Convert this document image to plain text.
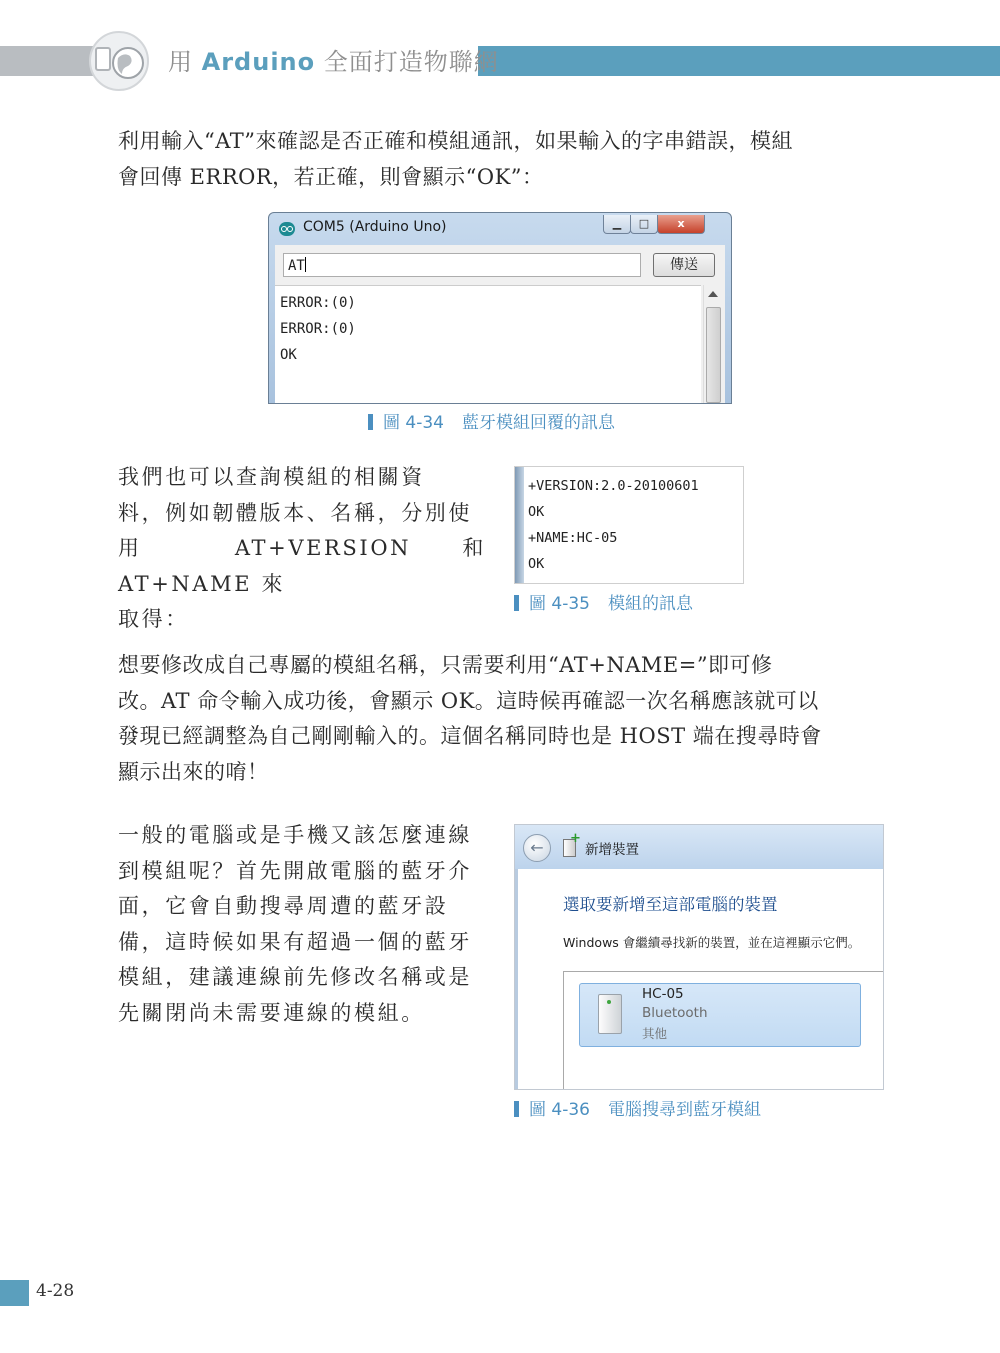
用 Arduino 全面打造物聯網

利用輸入“AT”來確認是否正確和模組通訊，如果輸入的字串錯誤，模組
會回傳 ERROR，若正確，則會顯示“OK”：

COM5 (Arduino Uno)	▁	□	x
AT	傳送
ERROR:(0)
ERROR:(0)
OK
圖 4-34 藍牙模組回覆的訊息

我們也可以查詢模組的相關資
料，例如韌體版本、名稱，分別使
用 AT+VERSION 和 AT+NAME 來
取得：

+VERSION:2.0-20100601
OK
+NAME:HC-05
OK
圖 4-35 模組的訊息

想要修改成自己專屬的模組名稱，只需要利用“AT+NAME=”即可修
改。AT 命令輸入成功後，會顯示 OK。這時候再確認一次名稱應該就可以
發現已經調整為自己剛剛輸入的。這個名稱同時也是 HOST 端在搜尋時會
顯示出來的唷！

一般的電腦或是手機又該怎麼連線
到模組呢？首先開啟電腦的藍牙介
面，它會自動搜尋周遭的藍牙設
備，這時候如果有超過一個的藍牙
模組，建議連線前先修改名稱或是
先關閉尚未需要連線的模組。

←
+	新增裝置
選取要新增至這部電腦的裝置
Windows 會繼續尋找新的裝置，並在這裡顯示它們。
HC-05
Bluetooth
其他
圖 4-36 電腦搜尋到藍牙模組
4-28
